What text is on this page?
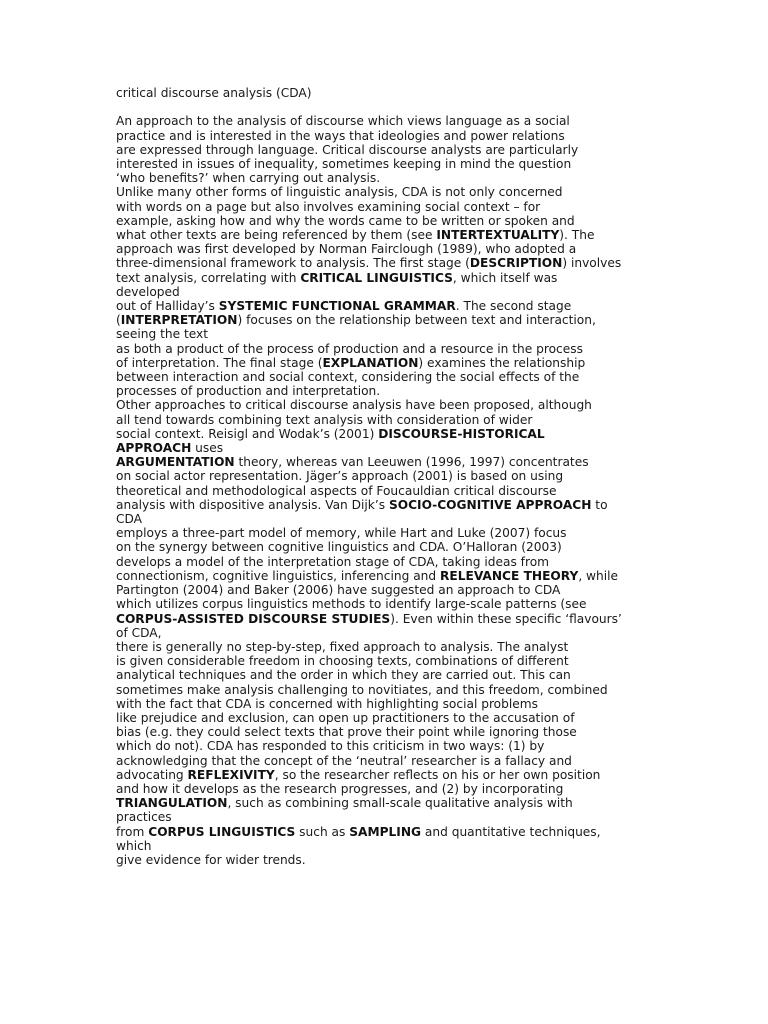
critical discourse analysis (CDA)
An approach to the analysis of discourse which views language as a social
practice and is interested in the ways that ideologies and power relations
are expressed through language. Critical discourse analysts are particularly
interested in issues of inequality, sometimes keeping in mind the question
‘who benefits?’ when carrying out analysis.
Unlike many other forms of linguistic analysis, CDA is not only concerned
with words on a page but also involves examining social context – for
example, asking how and why the words came to be written or spoken and
what other texts are being referenced by them (see INTERTEXTUALITY). The
approach was first developed by Norman Fairclough (1989), who adopted a
three-dimensional framework to analysis. The first stage (DESCRIPTION) involves
text analysis, correlating with CRITICAL LINGUISTICS, which itself was
developed
out of Halliday’s SYSTEMIC FUNCTIONAL GRAMMAR. The second stage
(INTERPRETATION) focuses on the relationship between text and interaction,
seeing the text
as both a product of the process of production and a resource in the process
of interpretation. The final stage (EXPLANATION) examines the relationship
between interaction and social context, considering the social effects of the
processes of production and interpretation.
Other approaches to critical discourse analysis have been proposed, although
all tend towards combining text analysis with consideration of wider
social context. Reisigl and Wodak’s (2001) DISCOURSE-HISTORICAL
APPROACH uses
ARGUMENTATION theory, whereas van Leeuwen (1996, 1997) concentrates
on social actor representation. Jäger’s approach (2001) is based on using
theoretical and methodological aspects of Foucauldian critical discourse
analysis with dispositive analysis. Van Dijk’s SOCIO-COGNITIVE APPROACH to
CDA
employs a three-part model of memory, while Hart and Luke (2007) focus
on the synergy between cognitive linguistics and CDA. O’Halloran (2003)
develops a model of the interpretation stage of CDA, taking ideas from
connectionism, cognitive linguistics, inferencing and RELEVANCE THEORY, while
Partington (2004) and Baker (2006) have suggested an approach to CDA
which utilizes corpus linguistics methods to identify large-scale patterns (see
CORPUS-ASSISTED DISCOURSE STUDIES). Even within these specific ‘flavours’
of CDA,
there is generally no step-by-step, fixed approach to analysis. The analyst
is given considerable freedom in choosing texts, combinations of different
analytical techniques and the order in which they are carried out. This can
sometimes make analysis challenging to novitiates, and this freedom, combined
with the fact that CDA is concerned with highlighting social problems
like prejudice and exclusion, can open up practitioners to the accusation of
bias (e.g. they could select texts that prove their point while ignoring those
which do not). CDA has responded to this criticism in two ways: (1) by
acknowledging that the concept of the ‘neutral’ researcher is a fallacy and
advocating REFLEXIVITY, so the researcher reflects on his or her own position
and how it develops as the research progresses, and (2) by incorporating
TRIANGULATION, such as combining small-scale qualitative analysis with
practices
from CORPUS LINGUISTICS such as SAMPLING and quantitative techniques,
which
give evidence for wider trends.
